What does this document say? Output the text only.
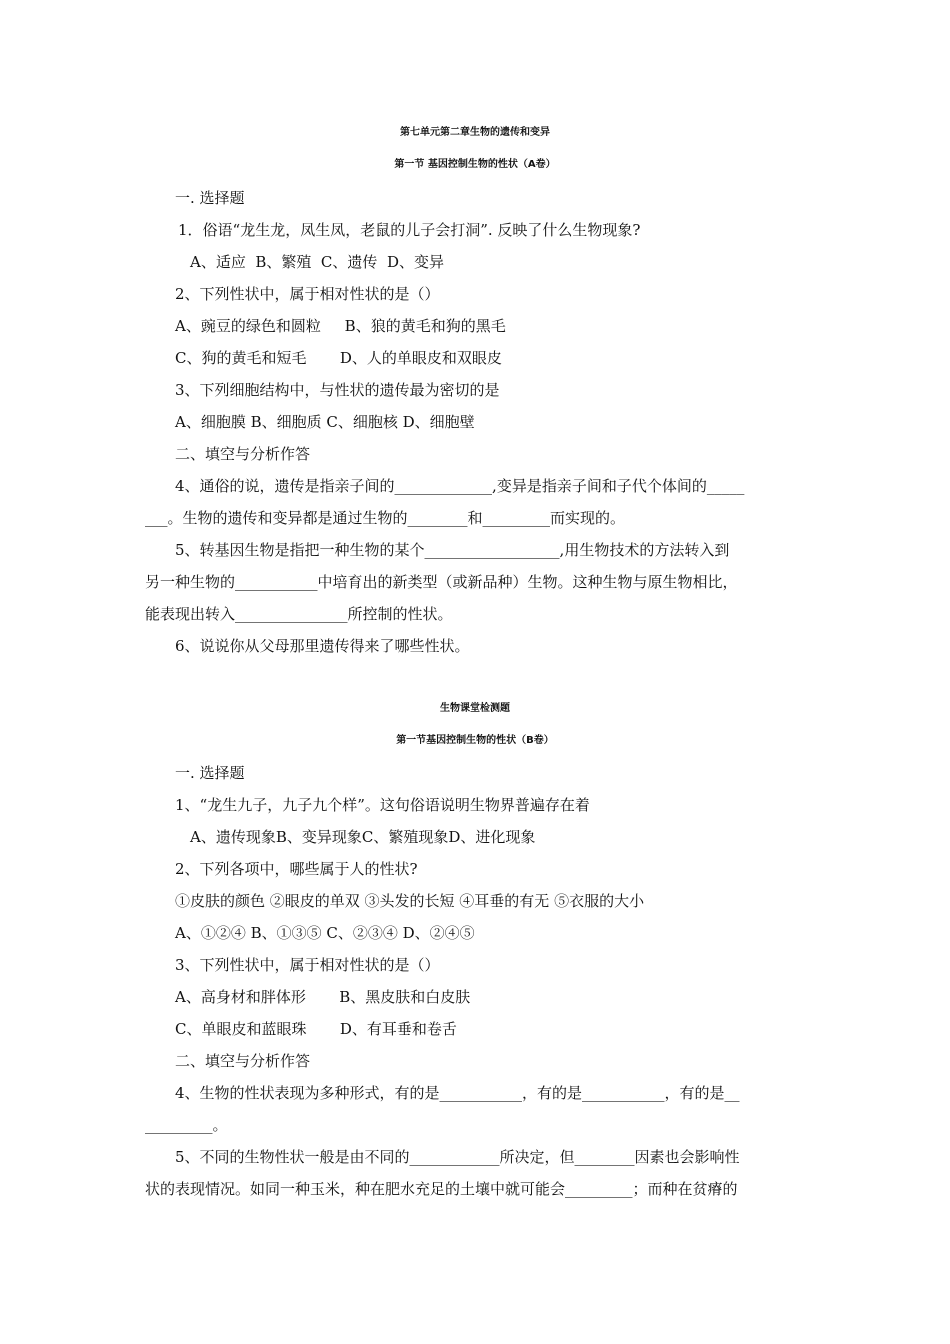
第七单元第二章生物的遗传和变异
第一节 基因控制生物的性状（A卷）
一. 选择题
1．俗语“龙生龙，凤生凤，老鼠的儿子会打洞”. 反映了什么生物现象?
A、适应  B、繁殖  C、遗传  D、变异
2、下列性状中，属于相对性状的是（）
A、豌豆的绿色和圆粒     B、狼的黄毛和狗的黑毛
C、狗的黄毛和短毛       D、人的单眼皮和双眼皮
3、下列细胞结构中，与性状的遗传最为密切的是
A、细胞膜 B、细胞质 C、细胞核 D、细胞壁
二、填空与分析作答
4、通俗的说，遗传是指亲子间的_____________,变异是指亲子间和子代个体间的_____
___。生物的遗传和变异都是通过生物的________和_________而实现的。
5、转基因生物是指把一种生物的某个__________________,用生物技术的方法转入到
另一种生物的___________中培育出的新类型（或新品种）生物。这种生物与原生物相比，
能表现出转入_______________所控制的性状。
6、说说你从父母那里遗传得来了哪些性状。
生物课堂检测题
第一节基因控制生物的性状（B卷）
一. 选择题
1、“龙生九子，九子九个样”。这句俗语说明生物界普遍存在着
A、遗传现象B、变异现象C、繁殖现象D、进化现象
2、下列各项中，哪些属于人的性状?
①皮肤的颜色 ②眼皮的单双 ③头发的长短 ④耳垂的有无 ⑤衣服的大小
A、①②④ B、①③⑤ C、②③④ D、②④⑤
3、下列性状中，属于相对性状的是（）
A、高身材和胖体形       B、黑皮肤和白皮肤
C、单眼皮和蓝眼珠       D、有耳垂和卷舌
二、填空与分析作答
4、生物的性状表现为多种形式，有的是___________，有的是___________，有的是__
_________。
5、不同的生物性状一般是由不同的____________所决定，但________因素也会影响性
状的表现情况。如同一种玉米，种在肥水充足的土壤中就可能会_________；而种在贫瘠的
